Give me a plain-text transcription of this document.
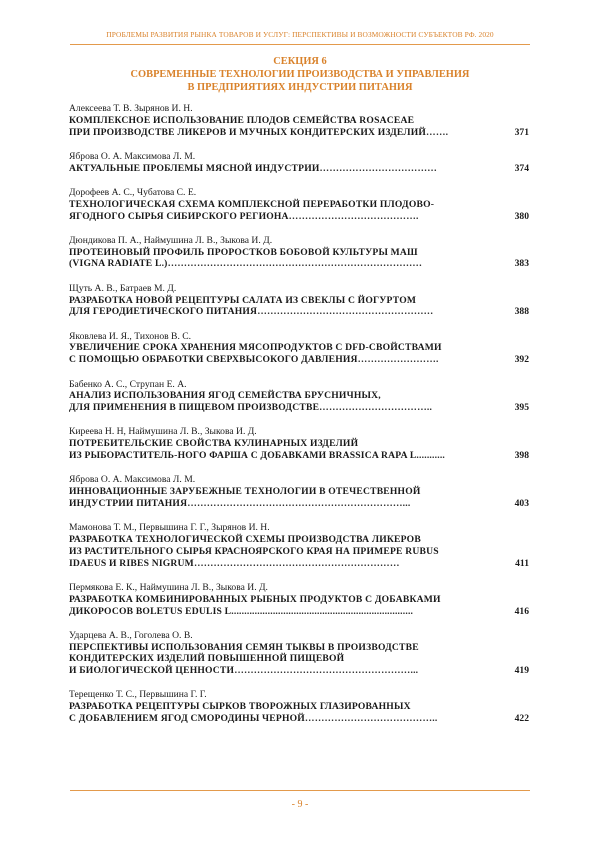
ПРОБЛЕМЫ РАЗВИТИЯ РЫНКА ТОВАРОВ И УСЛУГ: ПЕРСПЕКТИВЫ И ВОЗМОЖНОСТИ СУБЪЕКТОВ РФ. 2020
СЕКЦИЯ 6
СОВРЕМЕННЫЕ ТЕХНОЛОГИИ ПРОИЗВОДСТВА И УПРАВЛЕНИЯ
В ПРЕДПРИЯТИЯХ ИНДУСТРИИ ПИТАНИЯ
Алексеева Т. В. Зырянов И. Н.
КОМПЛЕКСНОЕ ИСПОЛЬЗОВАНИЕ ПЛОДОВ СЕМЕЙСТВА ROSACEAE
ПРИ ПРОИЗВОДСТВЕ ЛИКЕРОВ И МУЧНЫХ КОНДИТЕРСКИХ ИЗДЕЛИЙ…….	371
Яброва О. А. Максимова Л. М.
АКТУАЛЬНЫЕ ПРОБЛЕМЫ МЯСНОЙ ИНДУСТРИИ………………………………	374
Дорофеев А. С., Чубатова С. Е.
ТЕХНОЛОГИЧЕСКАЯ СХЕМА КОМПЛЕКСНОЙ ПЕРЕРАБОТКИ ПЛОДОВО-
ЯГОДНОГО СЫРЬЯ СИБИРСКОГО РЕГИОНА………………………………….	380
Дюндикова П. А., Наймушина Л. В., Зыкова И. Д.
ПРОТЕИНОВЫЙ ПРОФИЛЬ ПРОРОСТКОВ БОБОВОЙ КУЛЬТУРЫ МАШ
(VIGNA RADIATE L.)……………………………………………………………………	383
Щуть А. В., Батраев М. Д.
РАЗРАБОТКА НОВОЙ РЕЦЕПТУРЫ САЛАТА ИЗ СВЕКЛЫ С ЙОГУРТОМ
ДЛЯ ГЕРОДИЕТИЧЕСКОГО ПИТАНИЯ………………………………………………	388
Яковлева И. Я., Тихонов В. С.
УВЕЛИЧЕНИЕ СРОКА ХРАНЕНИЯ МЯСОПРОДУКТОВ С DFD-СВОЙСТВАМИ
С ПОМОЩЬЮ ОБРАБОТКИ СВЕРХВЫСОКОГО ДАВЛЕНИЯ…………………….	392
Бабенко А. С., Струпан Е. А.
АНАЛИЗ ИСПОЛЬЗОВАНИЯ ЯГОД СЕМЕЙСТВА БРУСНИЧНЫХ,
ДЛЯ ПРИМЕНЕНИЯ В ПИЩЕВОМ ПРОИЗВОДСТВЕ……………………………..	395
Киреева Н. Н, Наймушина Л. В., Зыкова И. Д.
ПОТРЕБИТЕЛЬСКИЕ СВОЙСТВА КУЛИНАРНЫХ ИЗДЕЛИЙ
ИЗ РЫБОРАСТИТЕЛЬ-НОГО ФАРША С ДОБАВКАМИ BRASSICA RAPA L...........	398
Яброва О. А. Максимова Л. М.
ИННОВАЦИОННЫЕ ЗАРУБЕЖНЫЕ ТЕХНОЛОГИИ В ОТЕЧЕСТВЕННОЙ
ИНДУСТРИИ ПИТАНИЯ…………………………………………………………...	403
Мамонова Т. М., Первышина Г. Г., Зырянов И. Н.
РАЗРАБОТКА ТЕХНОЛОГИЧЕСКОЙ СХЕМЫ ПРОИЗВОДСТВА ЛИКЕРОВ
ИЗ РАСТИТЕЛЬНОГО СЫРЬЯ КРАСНОЯРСКОГО КРАЯ НА ПРИМЕРЕ RUBUS
IDAEUS И RIBES NIGRUM………………………………………………………	411
Пермякова Е. К., Наймушина Л. В., Зыкова И. Д.
РАЗРАБОТКА КОМБИНИРОВАННЫХ РЫБНЫХ ПРОДУКТОВ С ДОБАВКАМИ
ДИКОРОСОВ BOLETUS EDULIS L......................................................................	416
Ударцева А. В., Гоголева О. В.
ПЕРСПЕКТИВЫ ИСПОЛЬЗОВАНИЯ СЕМЯН ТЫКВЫ В ПРОИЗВОДСТВЕ
КОНДИТЕРСКИХ ИЗДЕЛИЙ ПОВЫШЕННОЙ ПИЩЕВОЙ
И БИОЛОГИЧЕСКОЙ ЦЕННОСТИ………………………………………………...	419
Терещенко Т. С., Первышина Г. Г.
РАЗРАБОТКА РЕЦЕПТУРЫ СЫРКОВ ТВОРОЖНЫХ ГЛАЗИРОВАННЫХ
С ДОБАВЛЕНИЕМ ЯГОД СМОРОДИНЫ ЧЕРНОЙ…………………………………..	422
- 9 -
